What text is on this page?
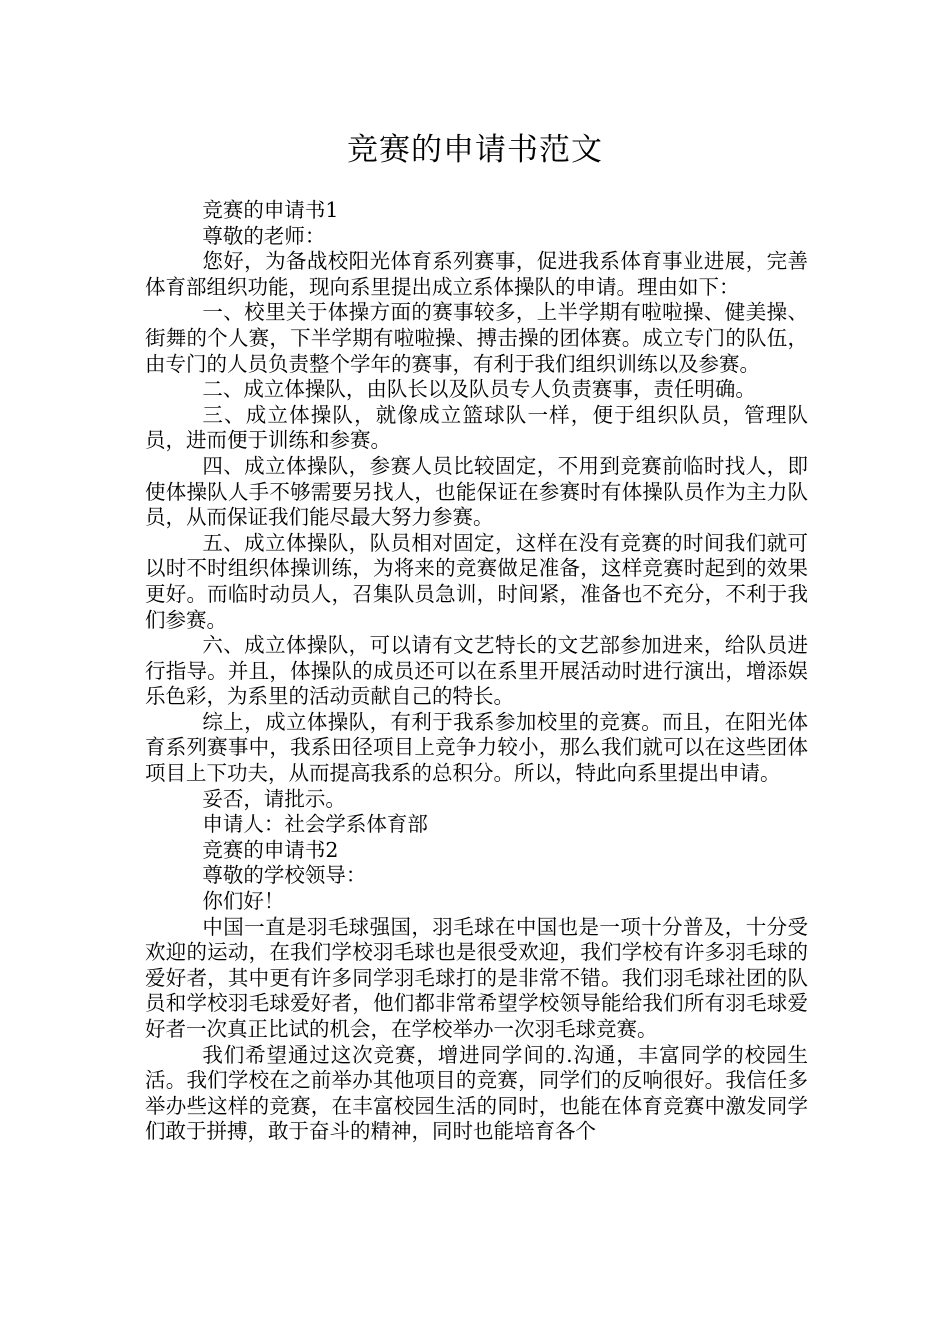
竞赛的申请书范文

竞赛的申请书1

尊敬的老师：

您好，为备战校阳光体育系列赛事，促进我系体育事业进展，完善体育部组织功能，现向系里提出成立系体操队的申请。理由如下：

一、校里关于体操方面的赛事较多，上半学期有啦啦操、健美操、街舞的个人赛，下半学期有啦啦操、搏击操的团体赛。成立专门的队伍，由专门的人员负责整个学年的赛事，有利于我们组织训练以及参赛。

二、成立体操队，由队长以及队员专人负责赛事，责任明确。

三、成立体操队，就像成立篮球队一样，便于组织队员，管理队员，进而便于训练和参赛。

四、成立体操队，参赛人员比较固定，不用到竞赛前临时找人，即使体操队人手不够需要另找人，也能保证在参赛时有体操队员作为主力队员，从而保证我们能尽最大努力参赛。

五、成立体操队，队员相对固定，这样在没有竞赛的时间我们就可以时不时组织体操训练，为将来的竞赛做足准备，这样竞赛时起到的效果更好。而临时动员人，召集队员急训，时间紧，准备也不充分，不利于我们参赛。

六、成立体操队，可以请有文艺特长的文艺部参加进来，给队员进行指导。并且，体操队的成员还可以在系里开展活动时进行演出，增添娱乐色彩，为系里的活动贡献自己的特长。

综上，成立体操队，有利于我系参加校里的竞赛。而且，在阳光体育系列赛事中，我系田径项目上竞争力较小，那么我们就可以在这些团体项目上下功夫，从而提高我系的总积分。所以，特此向系里提出申请。

妥否，请批示。

申请人：社会学系体育部

竞赛的申请书2

尊敬的学校领导：

你们好！

中国一直是羽毛球强国，羽毛球在中国也是一项十分普及，十分受欢迎的运动，在我们学校羽毛球也是很受欢迎，我们学校有许多羽毛球的爱好者，其中更有许多同学羽毛球打的是非常不错。我们羽毛球社团的队员和学校羽毛球爱好者，他们都非常希望学校领导能给我们所有羽毛球爱好者一次真正比试的机会，在学校举办一次羽毛球竞赛。

我们希望通过这次竞赛，增进同学间的.沟通，丰富同学的校园生活。我们学校在之前举办其他项目的竞赛，同学们的反响很好。我信任多举办些这样的竞赛，在丰富校园生活的同时，也能在体育竞赛中激发同学们敢于拼搏，敢于奋斗的精神，同时也能培育各个
